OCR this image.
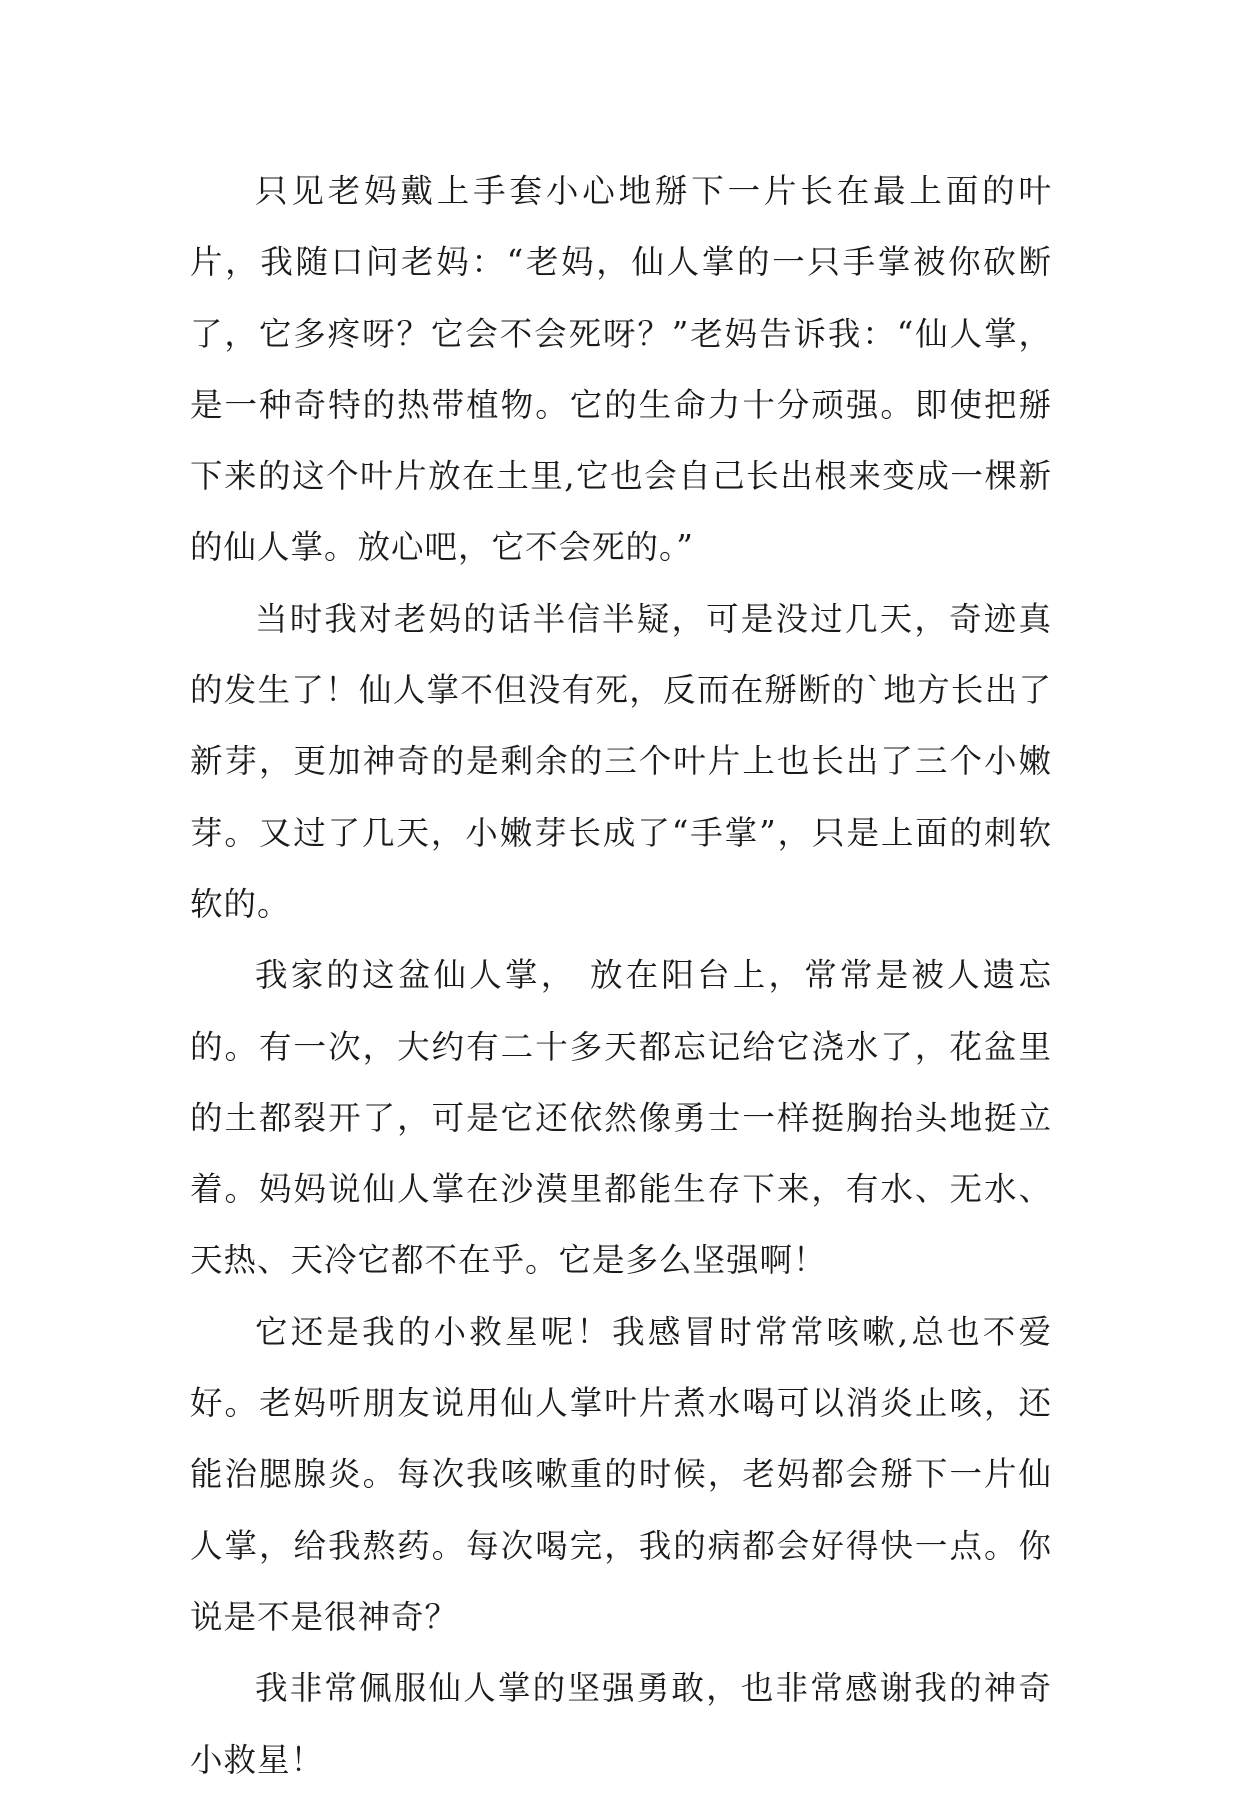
只见老妈戴上手套小心地掰下一片长在最上面的叶片，我随口问老妈：“老妈，仙人掌的一只手掌被你砍断了，它多疼呀？它会不会死呀？”老妈告诉我：“仙人掌，是一种奇特的热带植物。它的生命力十分顽强。即使把掰下来的这个叶片放在土里,它也会自己长出根来变成一棵新的仙人掌。放心吧，它不会死的。”

当时我对老妈的话半信半疑，可是没过几天，奇迹真的发生了！仙人掌不但没有死，反而在掰断的`地方长出了新芽，更加神奇的是剩余的三个叶片上也长出了三个小嫩芽。又过了几天，小嫩芽长成了“手掌”，只是上面的刺软软的。

我家的这盆仙人掌， 放在阳台上，常常是被人遗忘的。有一次，大约有二十多天都忘记给它浇水了，花盆里的土都裂开了，可是它还依然像勇士一样挺胸抬头地挺立着。妈妈说仙人掌在沙漠里都能生存下来，有水、无水、天热、天冷它都不在乎。它是多么坚强啊！

它还是我的小救星呢！我感冒时常常咳嗽,总也不爱好。老妈听朋友说用仙人掌叶片煮水喝可以消炎止咳，还能治腮腺炎。每次我咳嗽重的时候，老妈都会掰下一片仙人掌，给我熬药。每次喝完，我的病都会好得快一点。你说是不是很神奇？

我非常佩服仙人掌的坚强勇敢，也非常感谢我的神奇小救星！
